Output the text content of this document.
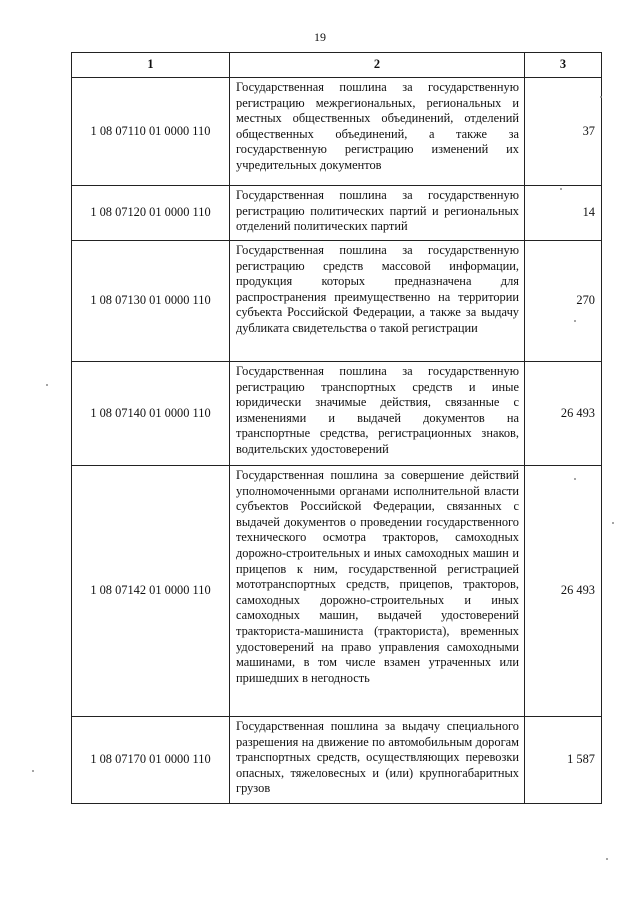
19
1	2	3
1 08 07110 01 0000 110	Государственная пошлина за государственную регистрацию межрегиональных, региональных и местных общественных объединений, отделений общественных объединений, а также за государственную регистрацию изменений их учредительных документов	37
1 08 07120 01 0000 110	Государственная пошлина за государственную регистрацию политических партий и региональных отделений политических партий	14
1 08 07130 01 0000 110	Государственная пошлина за государственную регистрацию средств массовой информации, продукция которых предназначена для распространения преимущественно на территории субъекта Российской Федерации, а также за выдачу дубликата свидетельства о такой регистрации	270
1 08 07140 01 0000 110	Государственная пошлина за государственную регистрацию транспортных средств и иные юридически значимые действия, связанные с изменениями и выдачей документов на транспортные средства, регистрационных знаков, водительских удостоверений	26 493
1 08 07142 01 0000 110	Государственная пошлина за совершение действий уполномоченными органами исполнительной власти субъектов Российской Федерации, связанных с выдачей документов о проведении государственного технического осмотра тракторов, самоходных дорожно-строительных и иных самоходных машин и прицепов к ним, государственной регистрацией мототранспортных средств, прицепов, тракторов, самоходных дорожно-строительных и иных самоходных машин, выдачей удостоверений тракториста-машиниста (тракториста), временных удостоверений на право управления самоходными машинами, в том числе взамен утраченных или пришедших в негодность	26 493
1 08 07170 01 0000 110	Государственная пошлина за выдачу специального разрешения на движение по автомобильным дорогам транспортных средств, осуществляющих перевозки опасных, тяжеловесных и (или) крупногабаритных грузов	1 587
